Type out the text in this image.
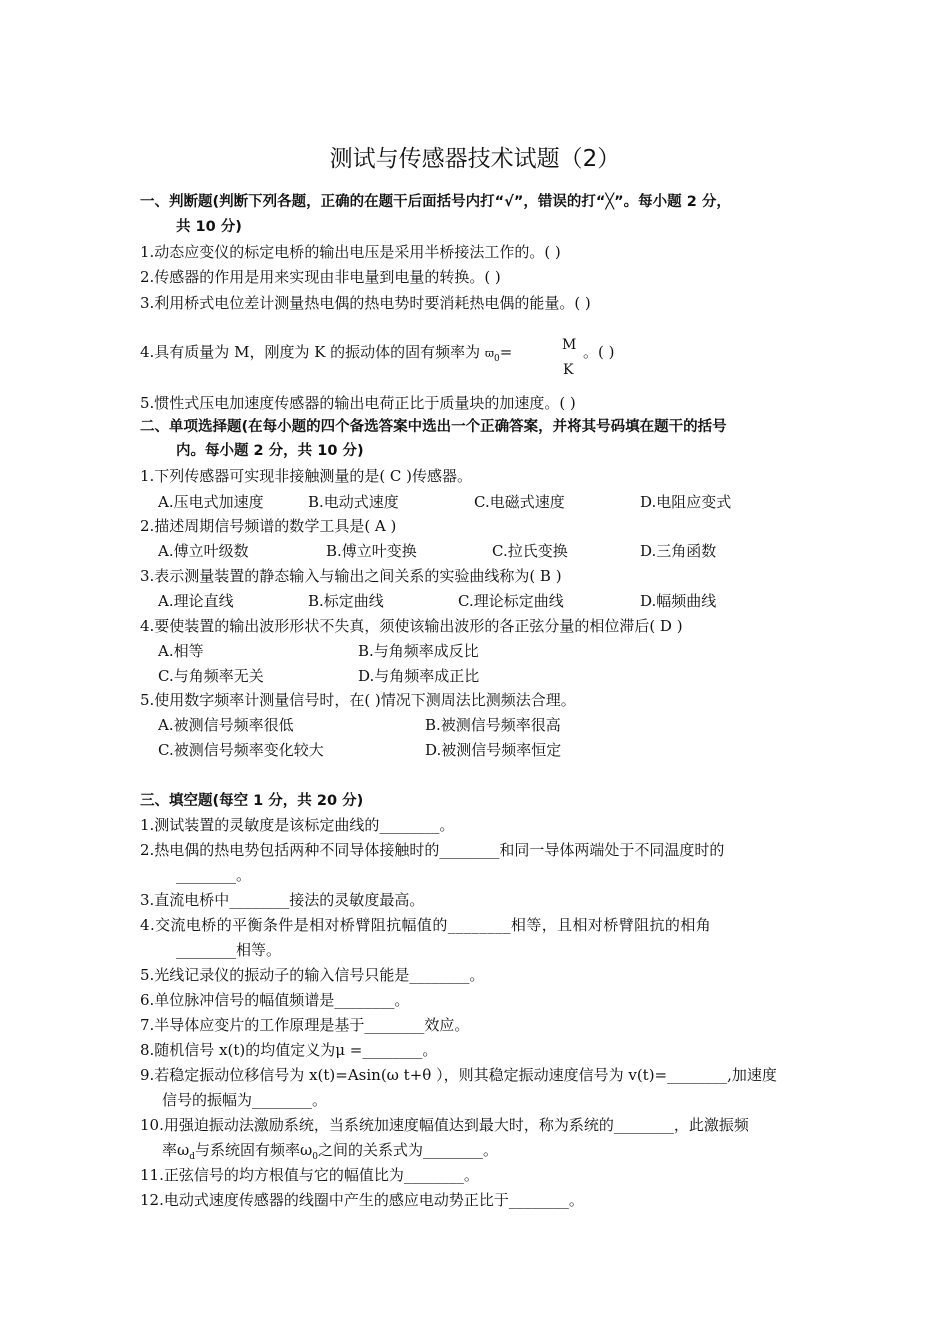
测试与传感器技术试题（2）
一、判断题(判断下列各题，正确的在题干后面括号内打“√”，错误的打“╳”。每小题 2 分，
共 10 分)
1.动态应变仪的标定电桥的输出电压是采用半桥接法工作的。( )
2.传感器的作用是用来实现由非电量到电量的转换。( )
3.利用桥式电位差计测量热电偶的热电势时要消耗热电偶的能量。( )
4.具有质量为 M，刚度为 K 的振动体的固有频率为 $ϖ_0=$	M
K
。( )
5.惯性式压电加速度传感器的输出电荷正比于质量块的加速度。( )
二、单项选择题(在每小题的四个备选答案中选出一个正确答案，并将其号码填在题干的括号
内。每小题 2 分，共 10 分)
1.下列传感器可实现非接触测量的是( C )传感器。
A.压电式加速度	B.电动式速度	C.电磁式速度	D.电阻应变式
2.描述周期信号频谱的数学工具是( A )
A.傅立叶级数	B.傅立叶变换	C.拉氏变换	D.三角函数
3.表示测量装置的静态输入与输出之间关系的实验曲线称为( B )
A.理论直线	B.标定曲线	C.理论标定曲线	D.幅频曲线
4.要使装置的输出波形形状不失真，须使该输出波形的各正弦分量的相位滞后( D )
A.相等	B.与角频率成反比
C.与角频率无关	D.与角频率成正比
5.使用数字频率计测量信号时，在( )情况下测周法比测频法合理。
A.被测信号频率很低	B.被测信号频率很高
C.被测信号频率变化较大	D.被测信号频率恒定
三、填空题(每空 1 分，共 20 分)
1.测试装置的灵敏度是该标定曲线的________。
2.热电偶的热电势包括两种不同导体接触时的________和同一导体两端处于不同温度时的
________。
3.直流电桥中________接法的灵敏度最高。
4.交流电桥的平衡条件是相对桥臂阻抗幅值的________相等，且相对桥臂阻抗的相角
________相等。
5.光线记录仪的振动子的输入信号只能是________。
6.单位脉冲信号的幅值频谱是________。
7.半导体应变片的工作原理是基于________效应。
8.随机信号 x(t)的均值定义为μ =________。
9.若稳定振动位移信号为 x(t)=Asin(ω t+θ ），则其稳定振动速度信号为 v(t)=________,加速度
信号的振幅为________。
10.用强迫振动法激励系统，当系统加速度幅值达到最大时，称为系统的________，此激振频
率$\omega_d$与系统固有频率$\omega_0$之间的关系式为________。
11.正弦信号的均方根值与它的幅值比为________。
12.电动式速度传感器的线圈中产生的感应电动势正比于________。
